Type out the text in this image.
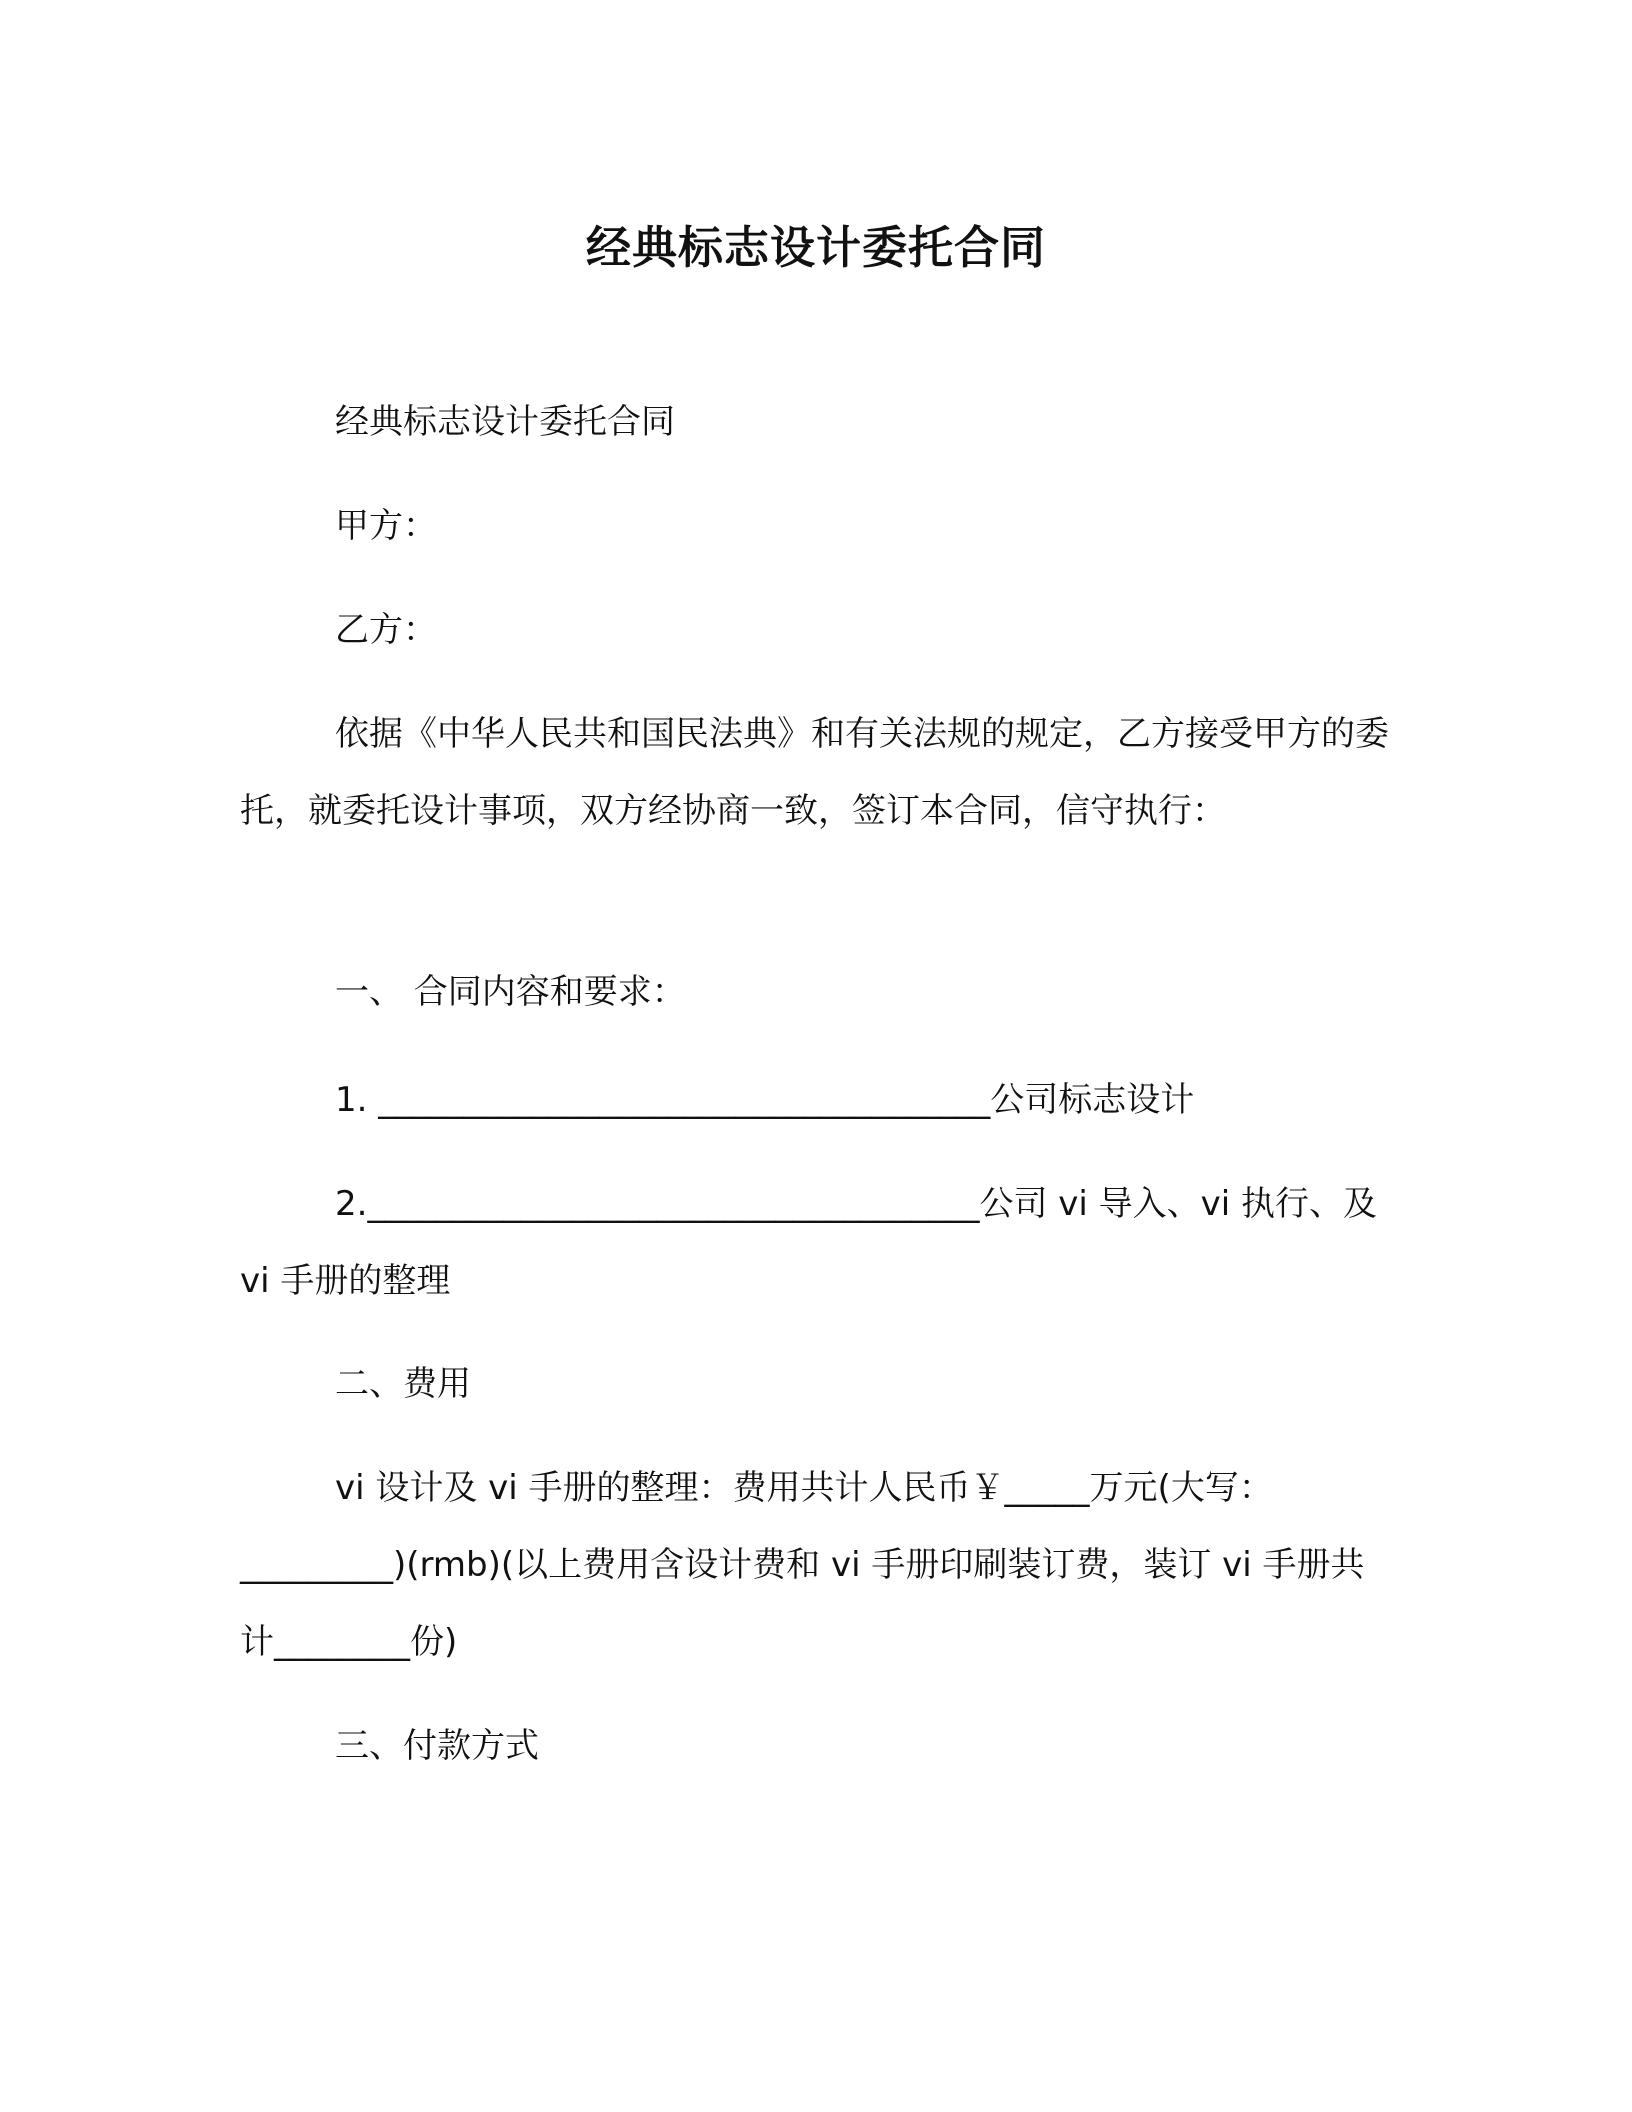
经典标志设计委托合同
经典标志设计委托合同
甲方：
乙方：
依据《中华人民共和国民法典》和有关法规的规定，乙方接受甲方的委托，就委托设计事项，双方经协商一致，签订本合同，信守执行：
一、 合同内容和要求：
1. ____________________________________公司标志设计
2.____________________________________公司 vi 导入、vi 执行、及 vi 手册的整理
二、费用
vi 设计及 vi 手册的整理：费用共计人民币￥_____万元(大写：_________)(rmb)(以上费用含设计费和 vi 手册印刷装订费，装订 vi 手册共计________份)
三、付款方式
